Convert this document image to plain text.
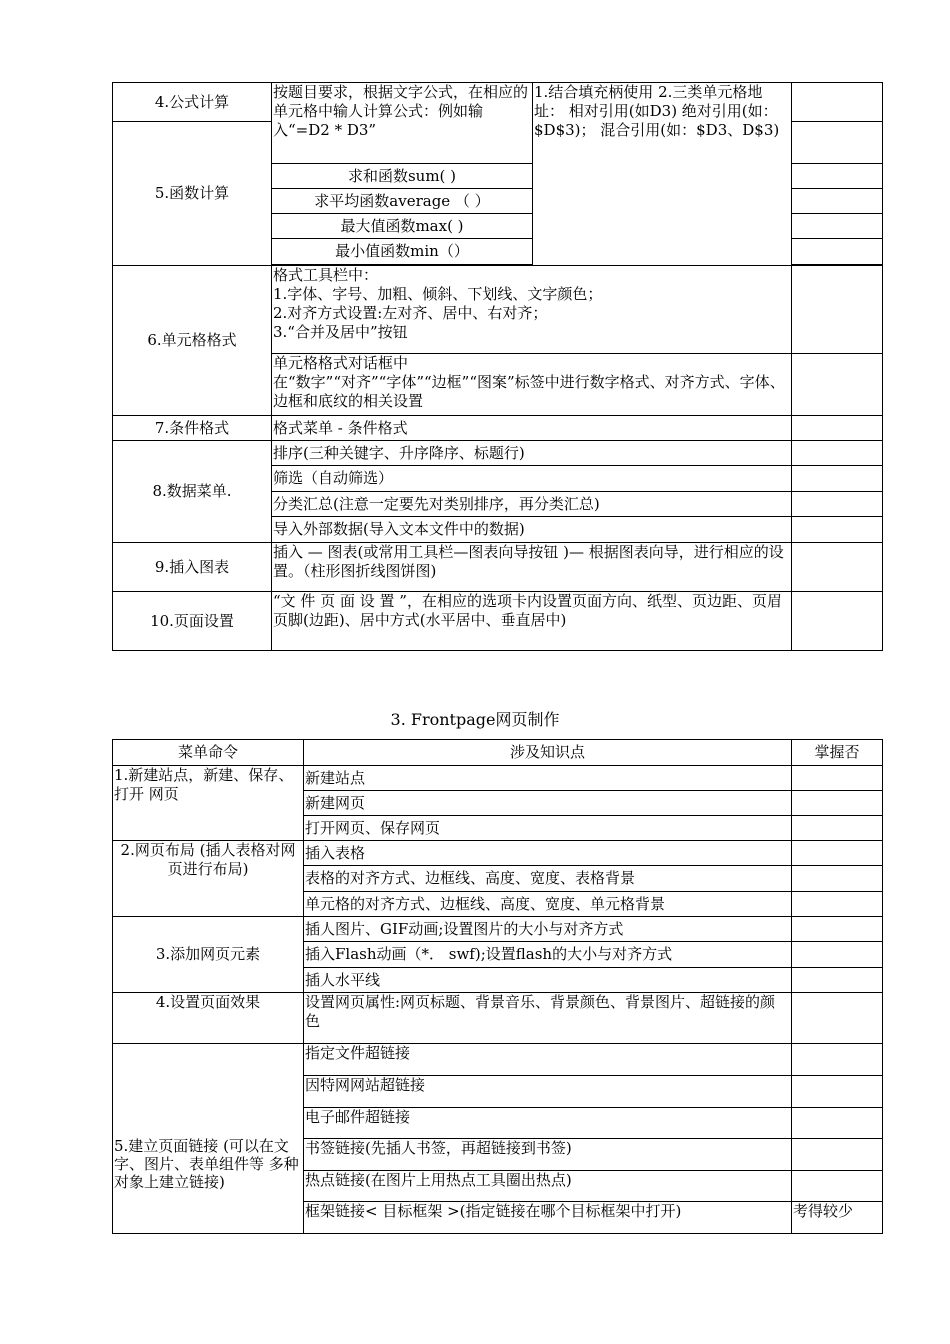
4.公式计算	按题目要求，根据文字公式，在相应的单元格中输人计算公式：例如输入“=D2 * D3”	1.结合填充柄使用 2.三类单元格地址： 相对引用(如D3) 绝对引用(如：$D$3)； 混合引用(如：$D3、D$3)	
5.函数计算			
	求和函数sum( )		
	求平均函数average （ ）		
	最大值函数max( )		
	最小值函数min（）		

6.单元格格式	格式工具栏中：
1.字体、字号、加粗、倾斜、下划线、文字颜色；
2.对齐方式设置:左对齐、居中、右对齐；
3.“合并及居中”按钮		

	单元格格式对话框中
在“数字”“对齐”“字体”“边框”“图案”标签中进行数字格式、对齐方式、字体、 边框和底纹的相关设置		

7.条件格式	格式菜单 - 条件格式		
8.数据菜单.	排序(三种关键字、升序降序、标题行)		
	筛选（自动筛选）		
	分类汇总(注意一定要先对类别排序，再分类汇总)		
	导入外部数据(导入文本文件中的数据)		
9.插入图表	插入 — 图表(或常用工具栏—图表向导按钮 )— 根据图表向导，进行相应的设置。（柱形图折线图饼图)		
10.页面设置	“文 件 页 面 设 置 ”，在相应的选项卡内设置页面方向、纸型、页边距、页眉 页脚(边距)、居中方式(水平居中、垂直居中)		
3. Frontpage网页制作
菜单命令	涉及知识点	掌握否
1.新建站点，新建、保存、打开 网页	新建站点	
	新建网页	
	打开网页、保存网页	
2.网页布局 (插人表格对网页进行布局)	插入表格	
	表格的对齐方式、边框线、高度、宽度、表格背景	
	单元格的对齐方式、边框线、高度、宽度、单元格背景	
3.添加网页元素	插人图片、GIF动画;设置图片的大小与对齐方式	
	插入Flash动画（*． swf);设置flash的大小与对齐方式	
	插人水平线	
4.设置页面效果	设置网页属性:网页标题、背景音乐、背景颜色、背景图片、超链接的颜色	

5.建立页面链接 (可以在文字、图片、表单组件等 多种对象上建立链接)	指定文件超链接	
	因特网网站超链接	
	电子邮件超链接	
	书签链接(先插人书签，再超链接到书签)	
	热点链接(在图片上用热点工具圈出热点)	
	框架链接< 目标框架 >(指定链接在哪个目标框架中打开)	考得较少
